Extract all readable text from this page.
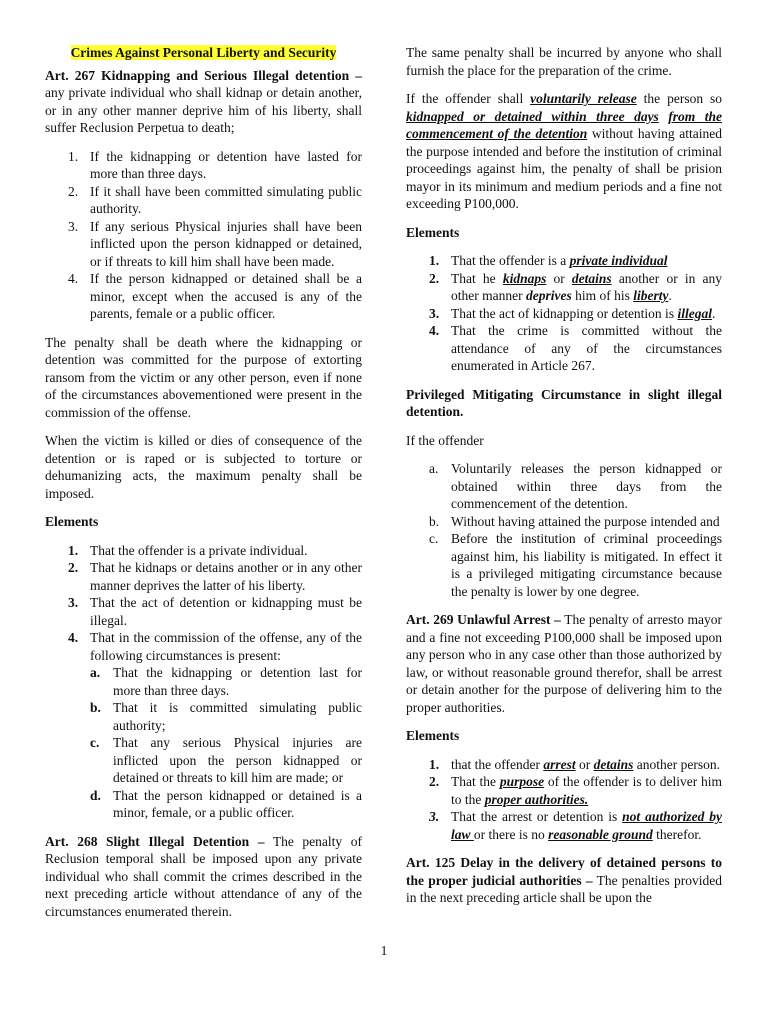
Crimes Against Personal Liberty and Security

Art. 267 Kidnapping and Serious Illegal detention – any private individual who shall kidnap or detain another, or in any other manner deprive him of his liberty, shall suffer Reclusion Perpetua to death;

1. If the kidnapping or detention have lasted for more than three days.
2. If it shall have been committed simulating public authority.
3. If any serious Physical injuries shall have been inflicted upon the person kidnapped or detained, or if threats to kill him shall have been made.
4. If the person kidnapped or detained shall be a minor, except when the accused is any of the parents, female or a public officer.

The penalty shall be death where the kidnapping or detention was committed for the purpose of extorting ransom from the victim or any other person, even if none of the circumstances abovementioned were present in the commission of the offense.

When the victim is killed or dies of consequence of the detention or is raped or is subjected to torture or dehumanizing acts, the maximum penalty shall be imposed.

Elements

1. That the offender is a private individual.
2. That he kidnaps or detains another or in any other manner deprives the latter of his liberty.
3. That the act of detention or kidnapping must be illegal.
4. That in the commission of the offense, any of the following circumstances is present:
a. That the kidnapping or detention last for more than three days.
b. That it is committed simulating public authority;
c. That any serious Physical injuries are inflicted upon the person kidnapped or detained or threats to kill him are made; or
d. That the person kidnapped or detained is a minor, female, or a public officer.

Art. 268 Slight Illegal Detention – The penalty of Reclusion temporal shall be imposed upon any private individual who shall commit the crimes described in the next preceding article without attendance of any of the circumstances enumerated therein.

The same penalty shall be incurred by anyone who shall furnish the place for the preparation of the crime.

If the offender shall voluntarily release the person so kidnapped or detained within three days from the commencement of the detention without having attained the purpose intended and before the institution of criminal proceedings against him, the penalty of shall be prision mayor in its minimum and medium periods and a fine not exceeding P100,000.

Elements

1. That the offender is a private individual
2. That he kidnaps or detains another or in any other manner deprives him of his liberty.
3. That the act of kidnapping or detention is illegal.
4. That the crime is committed without the attendance of any of the circumstances enumerated in Article 267.

Privileged Mitigating Circumstance in slight illegal detention.

If the offender

a. Voluntarily releases the person kidnapped or obtained within three days from the commencement of the detention.
b. Without having attained the purpose intended and
c. Before the institution of criminal proceedings against him, his liability is mitigated. In effect it is a privileged mitigating circumstance because the penalty is lower by one degree.

Art. 269 Unlawful Arrest – The penalty of arresto mayor and a fine not exceeding P100,000 shall be imposed upon any person who in any case other than those authorized by law, or without reasonable ground therefor, shall be arrest or detain another for the purpose of delivering him to the proper authorities.

Elements

1. that the offender arrest or detains another person.
2. That the purpose of the offender is to deliver him to the proper authorities.
3. That the arrest or detention is not authorized by law or there is no reasonable ground therefor.

Art. 125 Delay in the delivery of detained persons to the proper judicial authorities – The penalties provided in the next preceding article shall be upon the

1
